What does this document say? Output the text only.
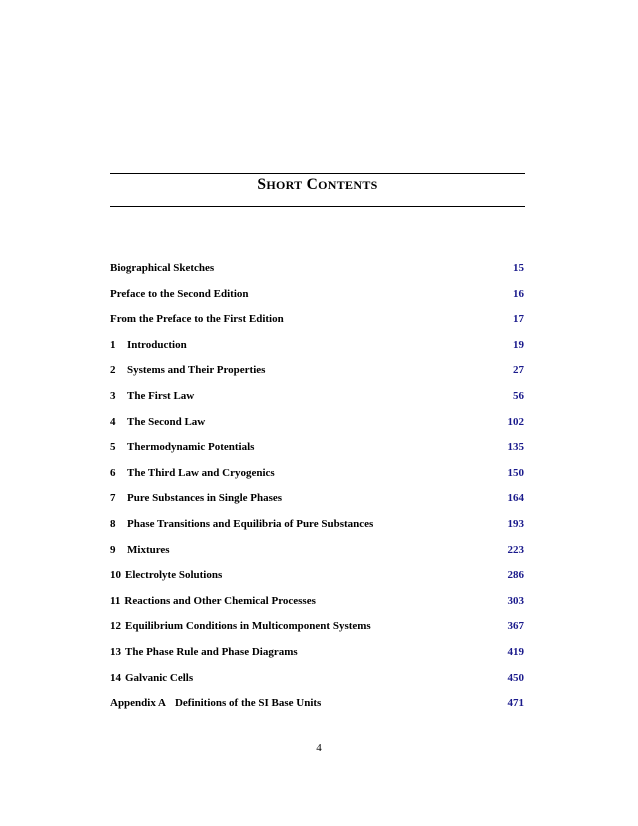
SHORT CONTENTS
Biographical Sketches	15
Preface to the Second Edition	16
From the Preface to the First Edition	17
1	Introduction	19
2	Systems and Their Properties	27
3	The First Law	56
4	The Second Law	102
5	Thermodynamic Potentials	135
6	The Third Law and Cryogenics	150
7	Pure Substances in Single Phases	164
8	Phase Transitions and Equilibria of Pure Substances	193
9	Mixtures	223
10 Electrolyte Solutions	286
11 Reactions and Other Chemical Processes	303
12 Equilibrium Conditions in Multicomponent Systems	367
13 The Phase Rule and Phase Diagrams	419
14 Galvanic Cells	450
Appendix A Definitions of the SI Base Units	471
4
